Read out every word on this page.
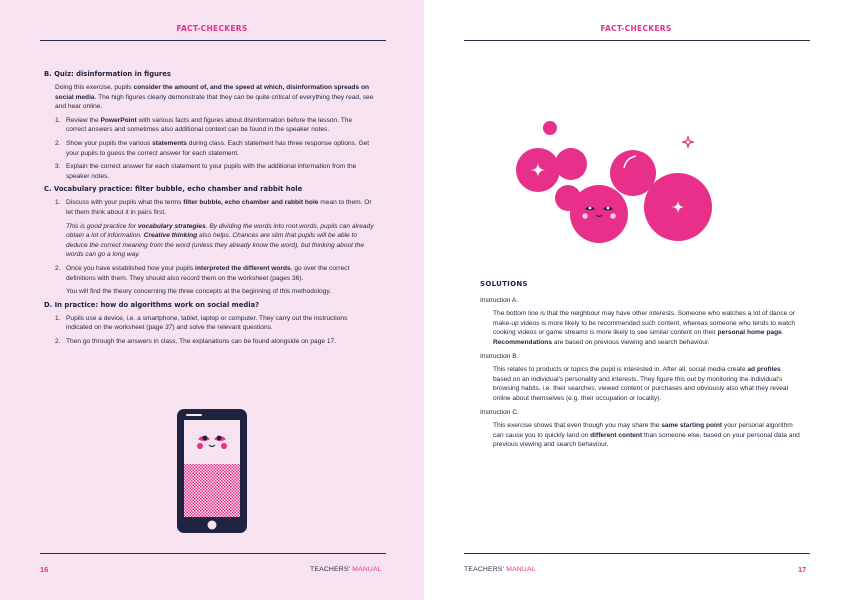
FACT-CHECKERS
B. Quiz: disinformation in figures

Doing this exercise, pupils consider the amount of, and the speed at which, disinformation spreads on social media. The high figures clearly demonstrate that they can be quite critical of everything they read, see and hear online.

1. Review the PowerPoint with various facts and figures about disinformation before the lesson. The correct answers and sometimes also additional context can be found in the speaker notes.
2. Show your pupils the various statements during class. Each statement has three response options. Get your pupils to guess the correct answer for each statement.
3. Explain the correct answer for each statement to your pupils with the additional information from the speaker notes.
C. Vocabulary practice: filter bubble, echo chamber and rabbit hole
1. Discuss with your pupils what the terms filter bubble, echo chamber and rabbit hole mean to them. Or let them think about it in pairs first.

This is good practice for vocabulary strategies. By dividing the words into root words, pupils can already obtain a lot of information. Creative thinking also helps. Chances are slim that pupils will be able to deduce the correct meaning from the word (unless they already know the word), but thinking about the words can go a long way.

2. Once you have established how your pupils interpreted the different words, go over the correct definitions with them. They should also record them on the worksheet (pages 36).

You will find the theory concerning the three concepts at the beginning of this methodology.

D. In practice: how do algorithms work on social media?
1. Pupils use a device, i.e. a smartphone, tablet, laptop or computer. They carry out the instructions indicated on the worksheet (page 37) and solve the relevant questions.
2. Then go through the answers in class. The explanations can be found alongside on page 17.
16	TEACHERS' MANUAL
FACT-CHECKERS
SOLUTIONS
Instruction A.

The bottom line is that the neighbour may have other interests. Someone who watches a lot of dance or make-up videos is more likely to be recommended such content, whereas someone who tends to watch cooking videos or game streams is more likely to see similar content on their personal home page. Recommendations are based on previous viewing and search behaviour.

Instruction B.

This relates to products or topics the pupil is interested in. After all, social media create ad profiles based on an individual's personality and interests. They figure this out by monitoring the individual's browsing habits, i.e. their searches, viewed content or purchases and obviously also what they reveal online about themselves (e.g. their occupation or locality).

Instruction C.

This exercise shows that even though you may share the same starting point your personal algorithm can cause you to quickly land on different content than someone else, based on your personal data and previous viewing and search behaviour.

TEACHERS' MANUAL	17
